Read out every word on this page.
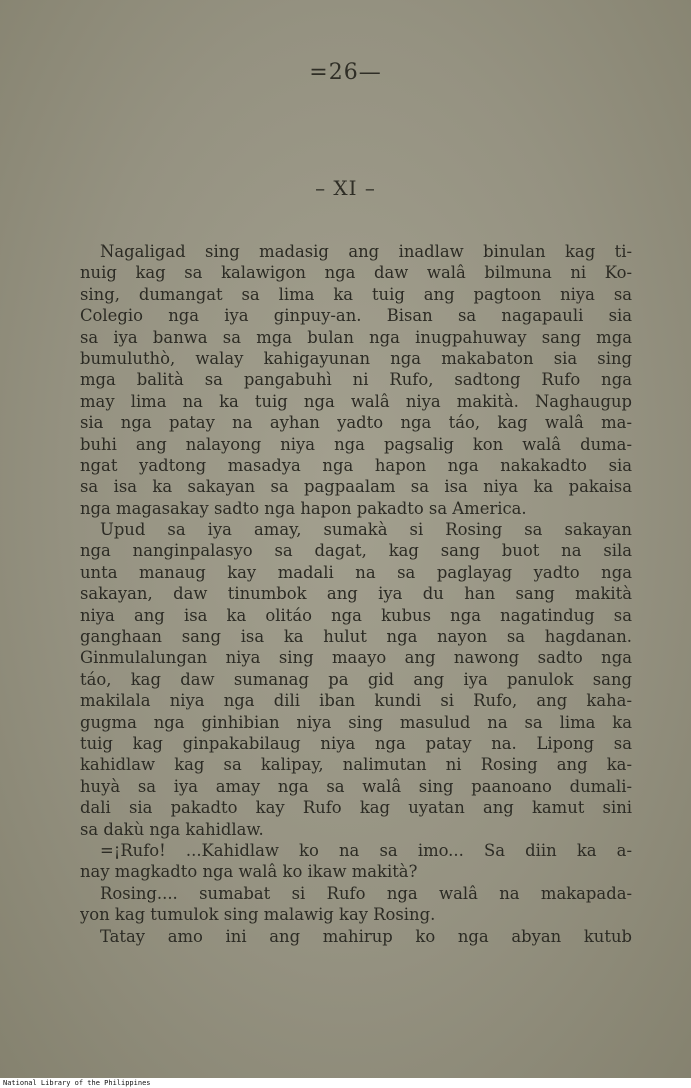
=26—
– XI –
Nagaligad sing madasig ang inadlaw binulan kag ti-
nuig kag sa kalawigon nga daw walâ bilmuna ni Ko-
sing, dumangat sa lima ka tuig ang pagtoon niya sa
Colegio nga iya ginpuy-an. Bisan sa nagapauli sia
sa iya banwa sa mga bulan nga inugpahuway sang mga
bumuluthò, walay kahigayunan nga makabaton sia sing
mga balità sa pangabuhì ni Rufo, sadtong Rufo nga
may lima na ka tuig nga walâ niya makità. Naghaugup
sia nga patay na ayhan yadto nga táo, kag walâ ma-
buhi ang nalayong niya nga pagsalig kon walâ duma-
ngat yadtong masadya nga hapon nga nakakadto sia
sa isa ka sakayan sa pagpaalam sa isa niya ka pakaisa
nga magasakay sadto nga hapon pakadto sa America.
Upud sa iya amay, sumakà si Rosing sa sakayan
nga nanginpalasyo sa dagat, kag sang buot na sila
unta manaug kay madali na sa paglayag yadto nga
sakayan, daw tinumbok ang iya du han sang makità
niya ang isa ka olitáo nga kubus nga nagatindug sa
ganghaan sang isa ka hulut nga nayon sa hagdanan.
Ginmulalungan niya sing maayo ang nawong sadto nga
táo, kag daw sumanag pa gid ang iya panulok sang
makilala niya nga dili iban kundi si Rufo, ang kaha-
gugma nga ginhibian niya sing masulud na sa lima ka
tuig kag ginpakabilaug niya nga patay na. Lipong sa
kahidlaw kag sa kalipay, nalimutan ni Rosing ang ka-
huyà sa iya amay nga sa walâ sing paanoano dumali-
dali sia pakadto kay Rufo kag uyatan ang kamut sini
sa dakù nga kahidlaw.
=¡Rufo! ...Kahidlaw ko na sa imo... Sa diin ka a-
nay magkadto nga walâ ko ikaw makità?
Rosing.... sumabat si Rufo nga walâ na makapada-
yon kag tumulok sing malawig kay Rosing.
Tatay amo ini ang mahirup ko nga abyan kutub
National Library of the Philippines
